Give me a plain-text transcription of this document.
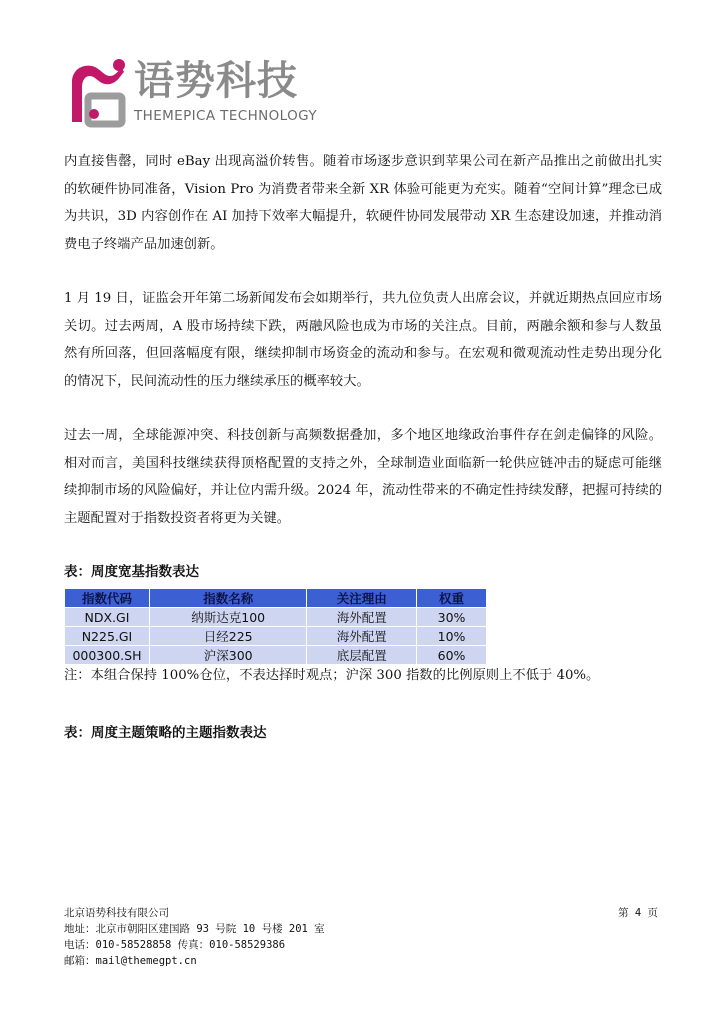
语势科技
THEMEPICA TECHNOLOGY

内直接售罄，同时 eBay 出现高溢价转售。随着市场逐步意识到苹果公司在新产品推出之前做出扎实的软硬件协同准备，Vision Pro 为消费者带来全新 XR 体验可能更为充实。随着“空间计算”理念已成为共识，3D 内容创作在 AI 加持下效率大幅提升，软硬件协同发展带动 XR 生态建设加速，并推动消费电子终端产品加速创新。

1 月 19 日，证监会开年第二场新闻发布会如期举行，共九位负责人出席会议，并就近期热点回应市场关切。过去两周，A 股市场持续下跌，两融风险也成为市场的关注点。目前，两融余额和参与人数虽然有所回落，但回落幅度有限，继续抑制市场资金的流动和参与。在宏观和微观流动性走势出现分化的情况下，民间流动性的压力继续承压的概率较大。

过去一周，全球能源冲突、科技创新与高频数据叠加，多个地区地缘政治事件存在剑走偏锋的风险。相对而言，美国科技继续获得顶格配置的支持之外，全球制造业面临新一轮供应链冲击的疑虑可能继续抑制市场的风险偏好，并让位内需升级。2024 年，流动性带来的不确定性持续发酵，把握可持续的主题配置对于指数投资者将更为关键。

表：周度宽基指数表达
指数代码	指数名称	关注理由	权重
NDX.GI	纳斯达克100	海外配置	30%
N225.GI	日经225	海外配置	10%
000300.SH	沪深300	底层配置	60%

注：本组合保持 100%仓位，不表达择时观点；沪深 300 指数的比例原则上不低于 40%。

表：周度主题策略的主题指数表达
北京语势科技有限公司
地址：北京市朝阳区建国路 93 号院 10 号楼 201 室
电话：010-58528858 传真：010-58529386
邮箱：mail@themegpt.cn
第 4 页
